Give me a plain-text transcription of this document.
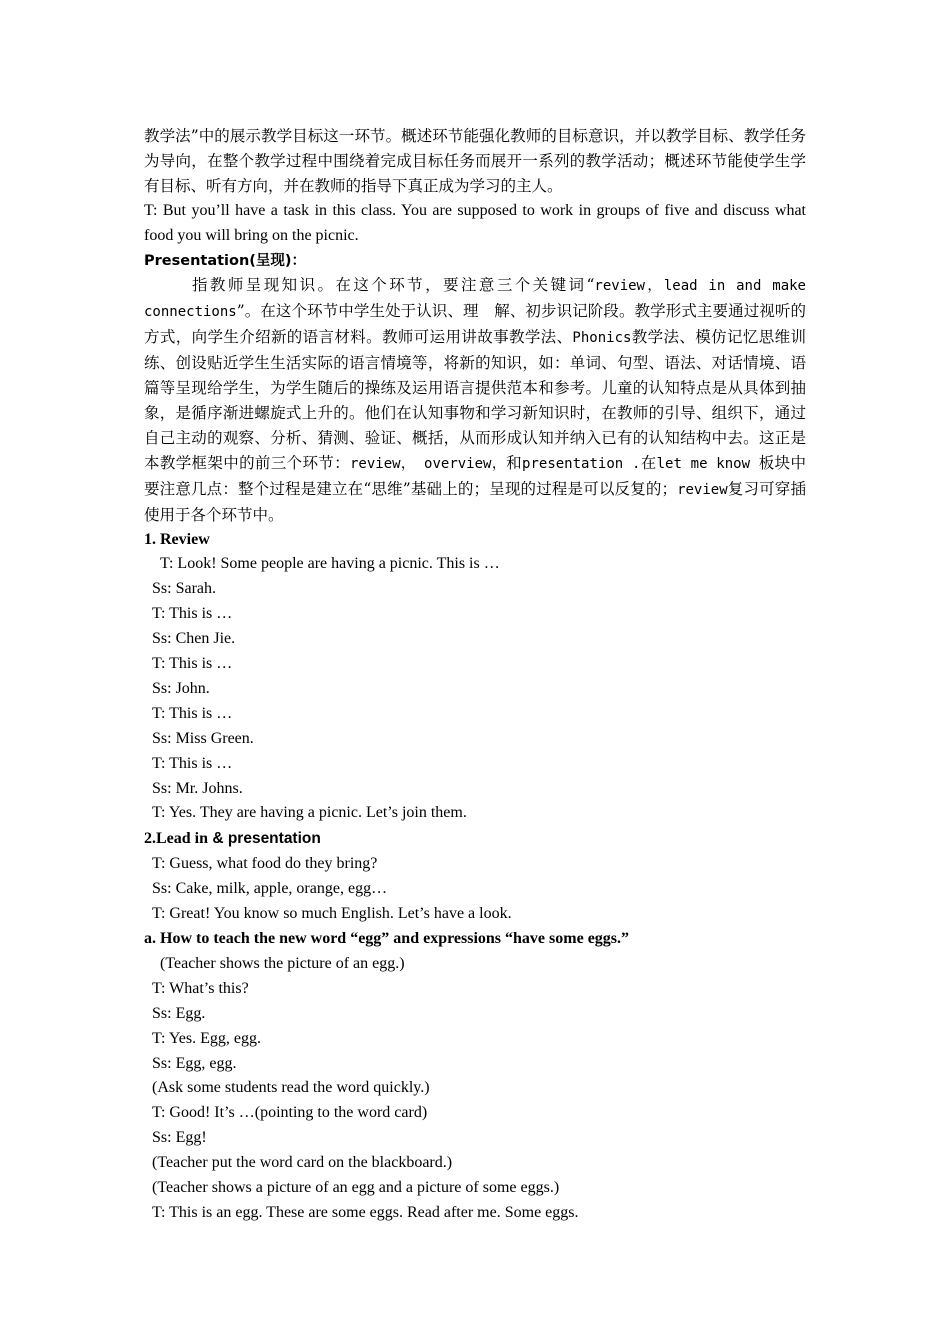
教学法”中的展示教学目标这一环节。概述环节能强化教师的目标意识，并以教学目标、教学任务为导向，在整个教学过程中围绕着完成目标任务而展开一系列的教学活动；概述环节能使学生学有目标、听有方向，并在教师的指导下真正成为学习的主人。

T: But you’ll have a task in this class. You are supposed to work in groups of five and discuss what food you will bring on the picnic.

Presentation(呈现)：

指教师呈现知识。在这个环节，要注意三个关键词“review，lead in and make connections”。在这个环节中学生处于认识、理　解、初步识记阶段。教学形式主要通过视听的方式，向学生介绍新的语言材料。教师可运用讲故事教学法、Phonics教学法、模仿记忆思维训练、创设贴近学生生活实际的语言情境等，将新的知识，如：单词、句型、语法、对话情境、语篇等呈现给学生，为学生随后的操练及运用语言提供范本和参考。儿童的认知特点是从具体到抽象，是循序渐进螺旋式上升的。他们在认知事物和学习新知识时，在教师的引导、组织下，通过自己主动的观察、分析、猜测、验证、概括，从而形成认知并纳入已有的认知结构中去。这正是本教学框架中的前三个环节：review， overview，和presentation .在let me know 板块中要注意几点：整个过程是建立在“思维”基础上的；呈现的过程是可以反复的；review复习可穿插使用于各个环节中。

1. Review

T: Look! Some people are having a picnic. This is …

Ss: Sarah.

T: This is …

Ss: Chen Jie.

T: This is …

Ss: John.

T: This is …

Ss: Miss Green.

T: This is …

Ss: Mr. Johns.

T: Yes. They are having a picnic. Let’s join them.

2.Lead in & presentation

T: Guess, what food do they bring?

Ss: Cake, milk, apple, orange, egg…

T: Great! You know so much English. Let’s have a look.

a. How to teach the new word “egg” and expressions “have some eggs.”

(Teacher shows the picture of an egg.)

T: What’s this?

Ss: Egg.

T: Yes. Egg, egg.

Ss: Egg, egg.

(Ask some students read the word quickly.)

T: Good! It’s …(pointing to the word card)

Ss: Egg!

(Teacher put the word card on the blackboard.)

(Teacher shows a picture of an egg and a picture of some eggs.)

T: This is an egg. These are some eggs. Read after me. Some eggs.
